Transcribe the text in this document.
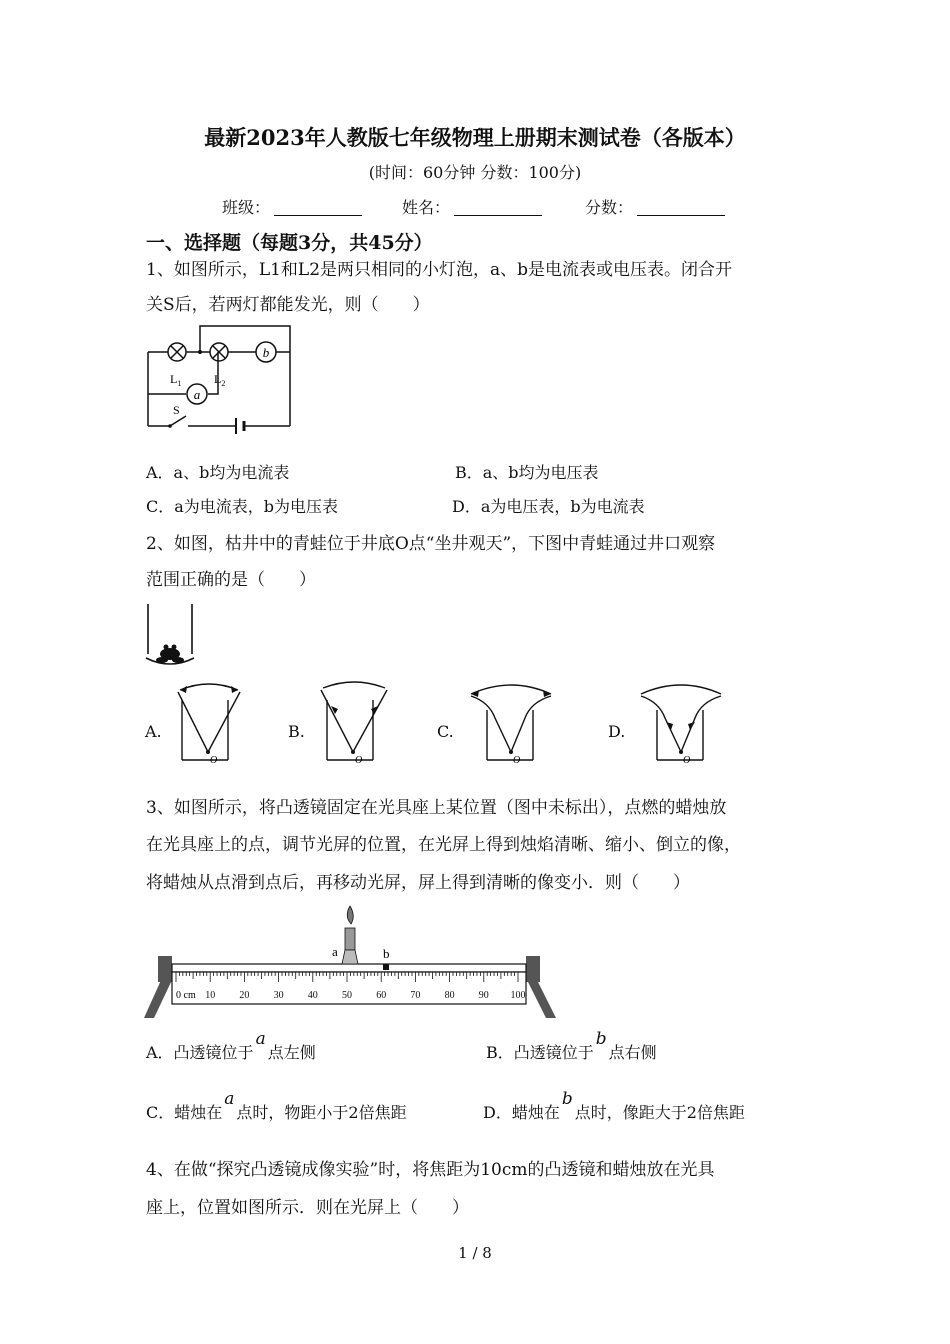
最新2023年人教版七年级物理上册期末测试卷（各版本）
(时间：60分钟 分数：100分)
班级：	姓名：	分数：
一、选择题（每题3分，共45分）
1、如图所示，L1和L2是两只相同的小灯泡，a、b是电流表或电压表。闭合开
关S后，若两灯都能发光，则（　　）
b
a
$L_1$	$L_2$
S
A．a、b均为电流表	B．a、b均为电压表
C．a为电流表，b为电压表	D．a为电压表，b为电流表
2、如图，枯井中的青蛙位于井底O点“坐井观天”，下图中青蛙通过井口观察
范围正确的是（　　）
A.	B.	C.	D.
O	O	O	O
3、如图所示，将凸透镜固定在光具座上某位置（图中未标出），点燃的蜡烛放
在光具座上的点，调节光屏的位置，在光屏上得到烛焰清晰、缩小、倒立的像，
将蜡烛从点滑到点后，再移动光屏，屏上得到清晰的像变小．则（　　）
10 20 30 40 50 60 70 80 90 100
0 cm
a	b
A．凸透镜位于a点左侧	B．凸透镜位于b点右侧
C．蜡烛在a点时，物距小于2倍焦距	D．蜡烛在b点时，像距大于2倍焦距
4、在做“探究凸透镜成像实验”时，将焦距为10cm的凸透镜和蜡烛放在光具
座上，位置如图所示．则在光屏上（　　）
1 / 8
